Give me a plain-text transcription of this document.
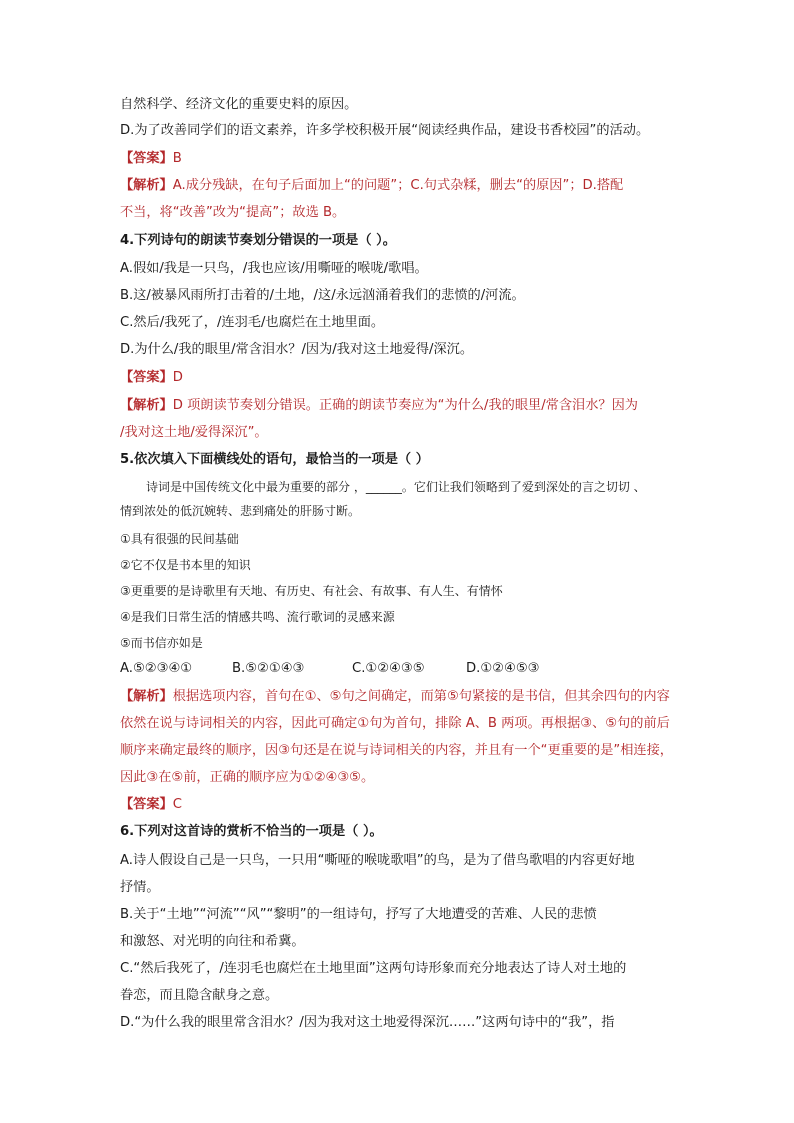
自然科学、经济文化的重要史料的原因。
D.为了改善同学们的语文素养，许多学校积极开展“阅读经典作品，建设书香校园”的活动。
【答案】B
【解析】A.成分残缺，在句子后面加上“的问题”；C.句式杂糅，删去“的原因”；D.搭配
不当，将“改善”改为“提高”；故选 B。
4.下列诗句的朗读节奏划分错误的一项是（ ）。
A.假如/我是一只鸟，/我也应该/用嘶哑的喉咙/歌唱。
B.这/被暴风雨所打击着的/土地，/这/永远汹涌着我们的悲愤的/河流。
C.然后/我死了，/连羽毛/也腐烂在土地里面。
D.为什么/我的眼里/常含泪水？/因为/我对这土地爱得/深沉。
【答案】D
【解析】D 项朗读节奏划分错误。正确的朗读节奏应为“为什么/我的眼里/常含泪水？因为
/我对这土地/爱得深沉”。
5.依次填入下面横线处的语句，最恰当的一项是（ ）
诗词是中国传统文化中最为重要的部分 ，______。它们让我们领略到了爱到深处的言之切切 、
情到浓处的低沉婉转、悲到痛处的肝肠寸断。
①具有很强的民间基础
②它不仅是书本里的知识
③更重要的是诗歌里有天地、有历史、有社会、有故事、有人生、有情怀
④是我们日常生活的情感共鸣、流行歌词的灵感来源
⑤而书信亦如是
A.⑤②③④①	B.⑤②①④③	C.①②④③⑤	D.①②④⑤③
【解析】根据选项内容，首句在①、⑤句之间确定，而第⑤句紧接的是书信，但其余四句的内容
依然在说与诗词相关的内容，因此可确定①句为首句，排除 A、B 两项。再根据③、⑤句的前后
顺序来确定最终的顺序，因③句还是在说与诗词相关的内容，并且有一个“更重要的是”相连接，
因此③在⑤前，正确的顺序应为①②④③⑤。
【答案】C
6.下列对这首诗的赏析不恰当的一项是（ ）。
A.诗人假设自己是一只鸟，一只用“嘶哑的喉咙歌唱”的鸟，是为了借鸟歌唱的内容更好地
抒情。
B.关于“土地”“河流”“风”“黎明”的一组诗句，抒写了大地遭受的苦难、人民的悲愤
和激怒、对光明的向往和希冀。
C.“然后我死了，/连羽毛也腐烂在土地里面”这两句诗形象而充分地表达了诗人对土地的
眷恋，而且隐含献身之意。
D.“为什么我的眼里常含泪水？/因为我对这土地爱得深沉……”这两句诗中的“我”，指
